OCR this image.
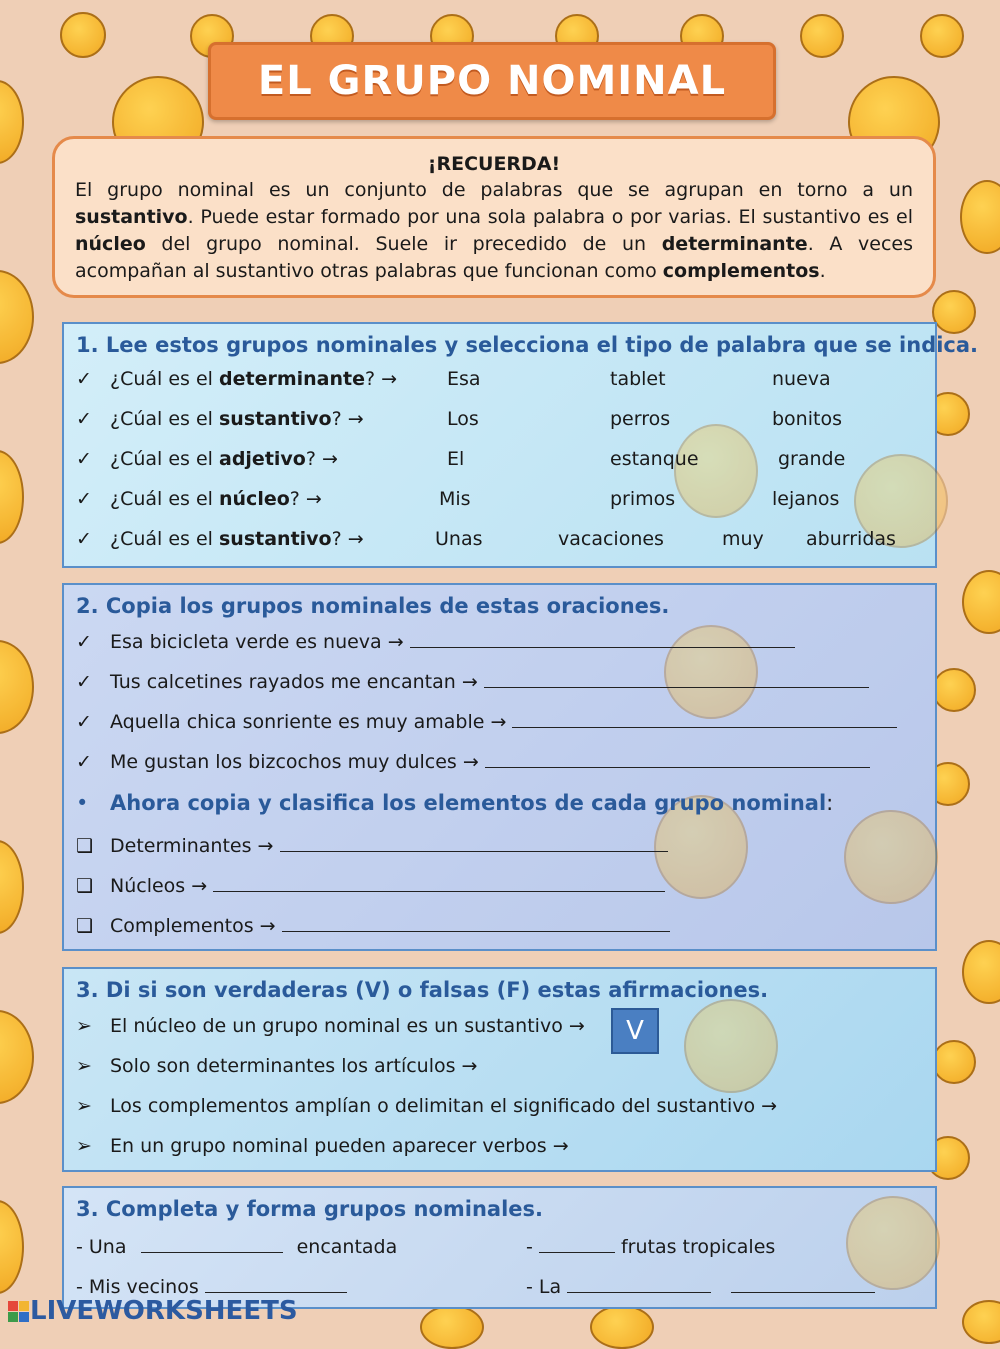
EL GRUPO NOMINAL
¡RECUERDA!
El grupo nominal es un conjunto de palabras que se agrupan en torno a un sustantivo. Puede estar formado por una sola palabra o por varias. El sustantivo es el núcleo del grupo nominal. Suele ir precedido de un determinante. A veces acompañan al sustantivo otras palabras que funcionan como complementos.
1. Lee estos grupos nominales y selecciona el tipo de palabra que se indica.
✓ ¿Cuál es el determinante? →	Esa	tablet	nueva
✓ ¿Cúal es el sustantivo? →	Los	perros	bonitos
✓ ¿Cúal es el adjetivo? →	El	estanque	grande
✓ ¿Cuál es el núcleo? →	Mis	primos	lejanos
✓ ¿Cuál es el sustantivo? →	Unas	vacaciones	muy aburridas
2. Copia los grupos nominales de estas oraciones.
✓ Esa bicicleta verde es nueva →
✓ Tus calcetines rayados me encantan →
✓ Aquella chica sonriente es muy amable →
✓ Me gustan los bizcochos muy dulces →
• Ahora copia y clasifica los elementos de cada grupo nominal:
❑ Determinantes →
❑ Núcleos →
❑ Complementos →
3. Di si son verdaderas (V) o falsas (F) estas afirmaciones.
➢ El núcleo de un grupo nominal es un sustantivo →
➢ Solo son determinantes los artículos →
➢ Los complementos amplían o delimitan el significado del sustantivo →
➢ En un grupo nominal pueden aparecer verbos →
V
3. Completa y forma grupos nominales.
- Una	encantada	-	frutas tropicales
- Mis vecinos	- La
LIVEWORKSHEETS
